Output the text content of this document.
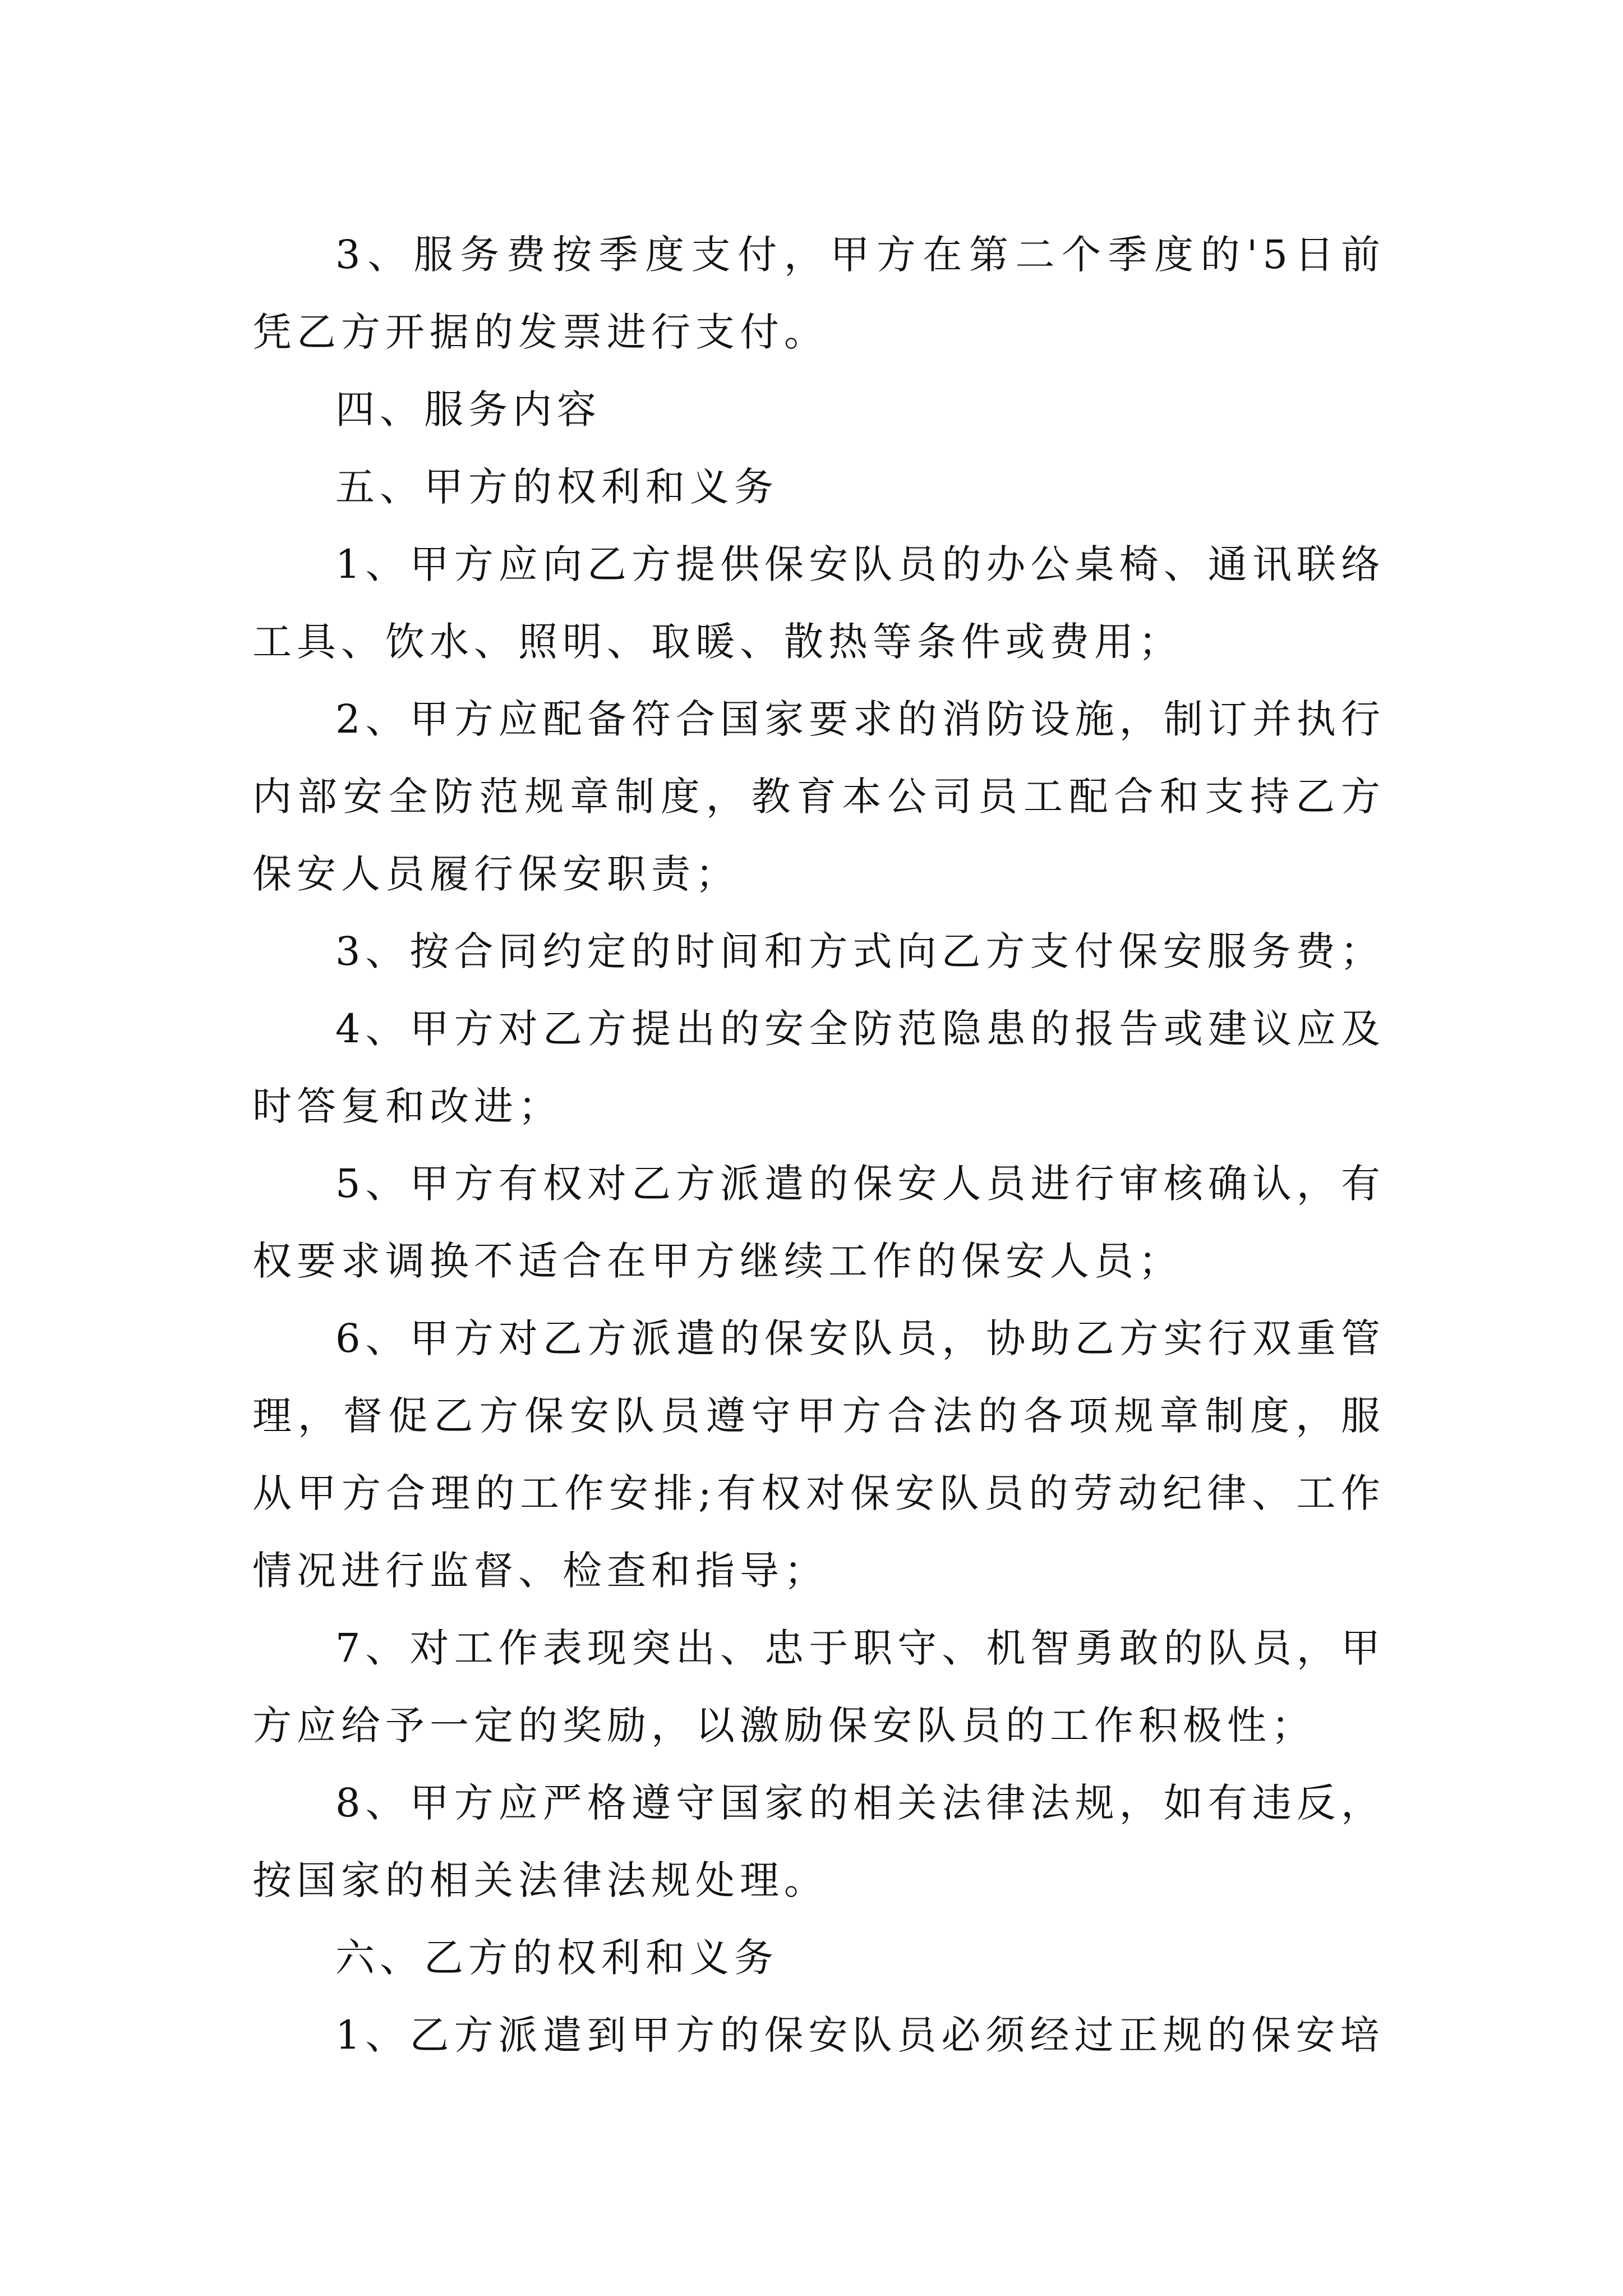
3、服务费按季度支付，甲方在第二个季度的'5日前凭乙方开据的发票进行支付。

四、服务内容

五、甲方的权利和义务

1、甲方应向乙方提供保安队员的办公桌椅、通讯联络工具、饮水、照明、取暖、散热等条件或费用；

2、甲方应配备符合国家要求的消防设施，制订并执行内部安全防范规章制度，教育本公司员工配合和支持乙方保安人员履行保安职责；

3、按合同约定的时间和方式向乙方支付保安服务费；

4、甲方对乙方提出的安全防范隐患的报告或建议应及时答复和改进；

5、甲方有权对乙方派遣的保安人员进行审核确认，有权要求调换不适合在甲方继续工作的保安人员；

6、甲方对乙方派遣的保安队员，协助乙方实行双重管理，督促乙方保安队员遵守甲方合法的各项规章制度，服从甲方合理的工作安排;有权对保安队员的劳动纪律、工作情况进行监督、检查和指导；

7、对工作表现突出、忠于职守、机智勇敢的队员，甲方应给予一定的奖励，以激励保安队员的工作积极性；

8、甲方应严格遵守国家的相关法律法规，如有违反，按国家的相关法律法规处理。

六、乙方的权利和义务

1、乙方派遣到甲方的保安队员必须经过正规的保安培
